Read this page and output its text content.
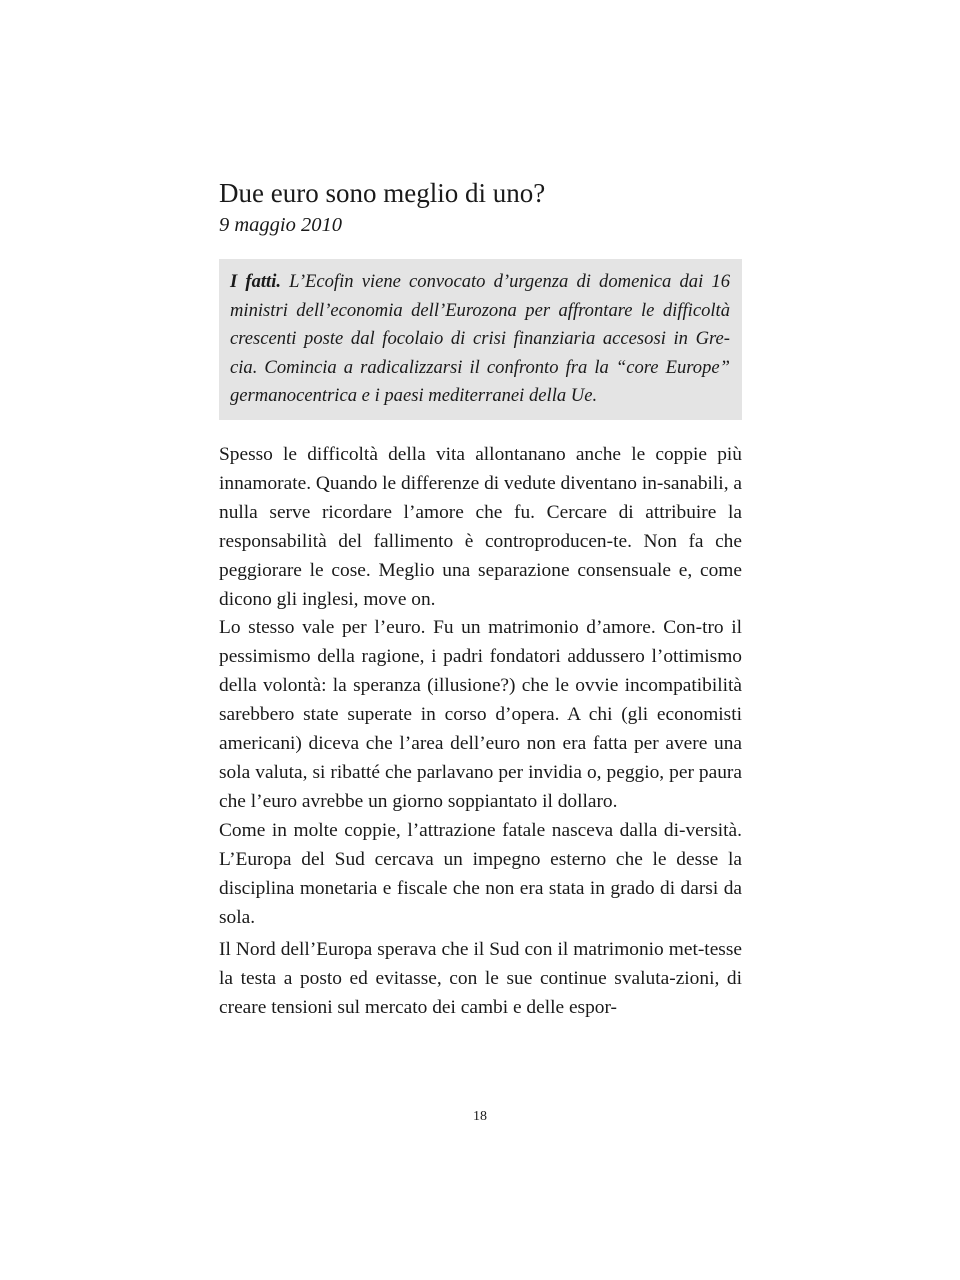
Due euro sono meglio di uno?

9 maggio 2010

I fatti. L’Ecofin viene convocato d’urgenza di domenica dai 16 ministri dell’economia dell’Eurozona per affrontare le difficoltà crescenti poste dal focolaio di crisi finanziaria accesosi in Gre-cia. Comincia a radicalizzarsi il confronto fra la “core Europe” germanocentrica e i paesi mediterranei della Ue.

Spesso le difficoltà della vita allontanano anche le coppie più innamorate. Quando le differenze di vedute diventano in-sanabili, a nulla serve ricordare l’amore che fu. Cercare di attribuire la responsabilità del fallimento è controproducen-te. Non fa che peggiorare le cose. Meglio una separazione consensuale e, come dicono gli inglesi, move on.

Lo stesso vale per l’euro. Fu un matrimonio d’amore. Con-tro il pessimismo della ragione, i padri fondatori addussero l’ottimismo della volontà: la speranza (illusione?) che le ovvie incompatibilità sarebbero state superate in corso d’opera. A chi (gli economisti americani) diceva che l’area dell’euro non era fatta per avere una sola valuta, si ribatté che parlavano per invidia o, peggio, per paura che l’euro avrebbe un giorno soppiantato il dollaro.

Come in molte coppie, l’attrazione fatale nasceva dalla di-versità. L’Europa del Sud cercava un impegno esterno che le desse la disciplina monetaria e fiscale che non era stata in grado di darsi da sola.

Il Nord dell’Europa sperava che il Sud con il matrimonio met-tesse la testa a posto ed evitasse, con le sue continue svaluta-zioni, di creare tensioni sul mercato dei cambi e delle espor-

18
